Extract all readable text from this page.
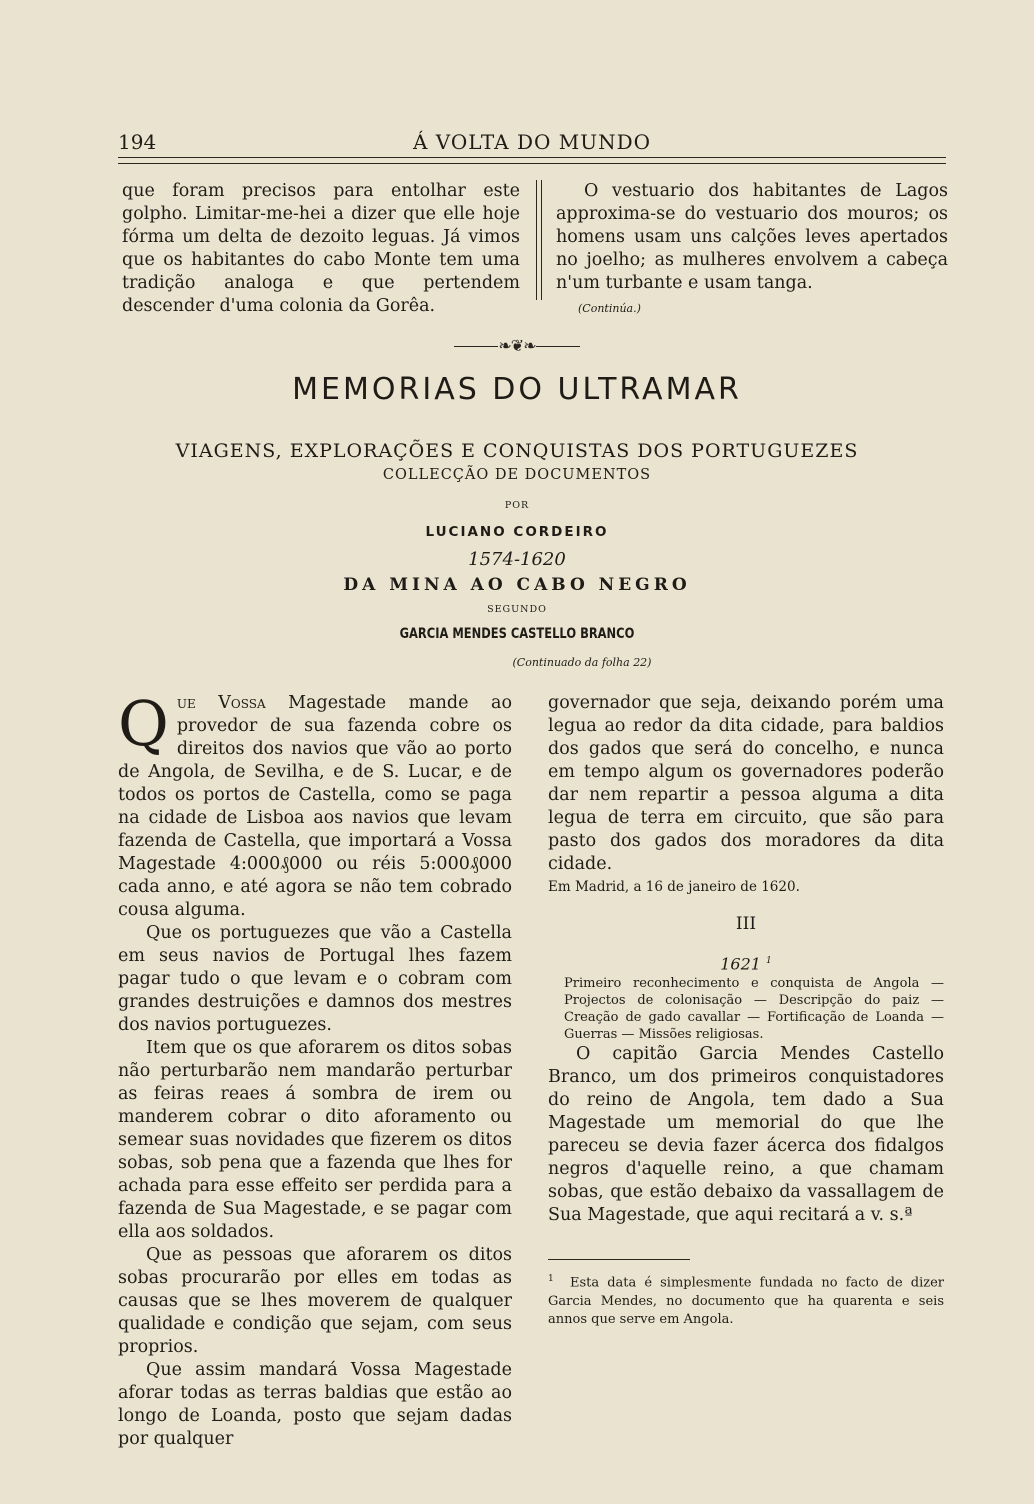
194	Á VOLTA DO MUNDO

que foram precisos para entolhar este golpho. Limitar-me-hei a dizer que elle hoje fórma um delta de dezoito leguas. Já vimos que os habitantes do cabo Monte tem uma tradição analoga e que pertendem descender d'uma colonia da Gorêa.

O vestuario dos habitantes de Lagos approxima-se do vestuario dos mouros; os homens usam uns calções leves apertados no joelho; as mulheres envolvem a cabeça n'um turbante e usam tanga.

(Continúa.)
❧❦❧
MEMORIAS DO ULTRAMAR
VIAGENS, EXPLORAÇÕES E CONQUISTAS DOS PORTUGUEZES
COLLECÇÃO DE DOCUMENTOS
POR
LUCIANO CORDEIRO
1574-1620
DA MINA AO CABO NEGRO
SEGUNDO
GARCIA MENDES CASTELLO BRANCO
(Continuado da folha 22)

Que Vossa Magestade mande ao provedor de sua fazenda cobre os direitos dos navios que vão ao porto de Angola, de Sevilha, e de S. Lucar, e de todos os portos de Castella, como se paga na cidade de Lisboa aos navios que levam fazenda de Castella, que importará a Vossa Magestade 4:000₰000 ou réis 5:000₰000 cada anno, e até agora se não tem cobrado cousa alguma.

Que os portuguezes que vão a Castella em seus navios de Portugal lhes fazem pagar tudo o que levam e o cobram com grandes destruições e damnos dos mestres dos navios portuguezes.

Item que os que aforarem os ditos sobas não perturbarão nem mandarão perturbar as feiras reaes á sombra de irem ou manderem cobrar o dito aforamento ou semear suas novidades que fizerem os ditos sobas, sob pena que a fazenda que lhes for achada para esse effeito ser perdida para a fazenda de Sua Magestade, e se pagar com ella aos soldados.

Que as pessoas que aforarem os ditos sobas procurarão por elles em todas as causas que se lhes moverem de qualquer qualidade e condição que sejam, com seus proprios.

Que assim mandará Vossa Magestade aforar todas as terras baldias que estão ao longo de Loanda, posto que sejam dadas por qualquer

governador que seja, deixando porém uma legua ao redor da dita cidade, para baldios dos gados que será do concelho, e nunca em tempo algum os governadores poderão dar nem repartir a pessoa alguma a dita legua de terra em circuito, que são para pasto dos gados dos moradores da dita cidade.

Em Madrid, a 16 de janeiro de 1620.

III
1621 $^1$

Primeiro reconhecimento e conquista de Angola — Projectos de colonisação — Descripção do paiz — Creação de gado cavallar — Fortificação de Loanda — Guerras — Missões religiosas.

O capitão Garcia Mendes Castello Branco, um dos primeiros conquistadores do reino de Angola, tem dado a Sua Magestade um memorial do que lhe pareceu se devia fazer ácerca dos fidalgos negros d'aquelle reino, a que chamam sobas, que estão debaixo da vassallagem de Sua Magestade, que aqui recitará a v. s.ª

$^1$ Esta data é simplesmente fundada no facto de dizer Garcia Mendes, no documento que ha quarenta e seis annos que serve em Angola.
